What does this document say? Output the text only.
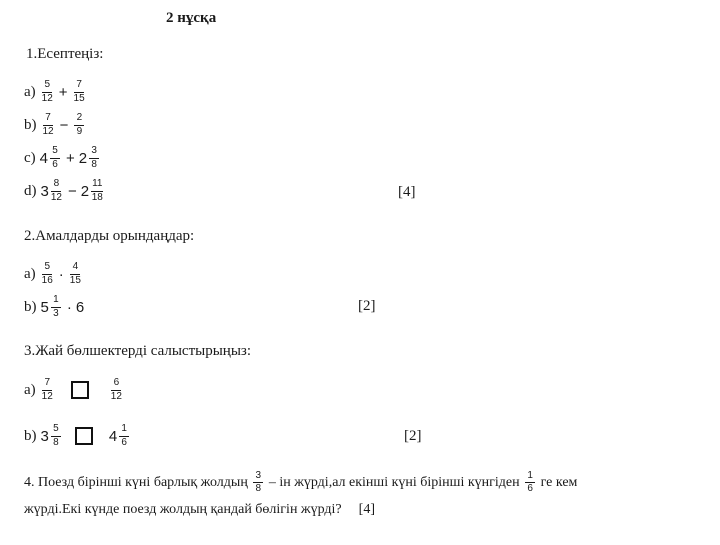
2 нұсқа
1.Есептеңіз:
$a) \frac{5}{12} + \frac{7}{15}$
$b) \frac{7}{12} - \frac{2}{9}$
c) $4 \frac{5}{6} + 2 \frac{3}{8}$
d) $3 \frac{8}{12} - 2 \frac{11}{18}$	[4]
2.Амалдарды орындаңдар:
$a) \frac{5}{16} \cdot \frac{4}{15}$
b) $5 \frac{1}{3} \cdot 6$	[2]
3.Жай бөлшектерді салыстырыңыз:
$a) \frac{7}{12}$	$\frac{6}{12}$
b) $3 \frac{5}{8}$	$4 \frac{1}{6}$	[2]
4. Поезд бірінші күні барлық жолдың $\frac{3}{8}$ – ін жүрді,ал екінші күні бірінші күнгіден $\frac{1}{6}$ ге кем
жүрді.Екі күнде поезд жолдың қандай бөлігін жүрді? [4]
